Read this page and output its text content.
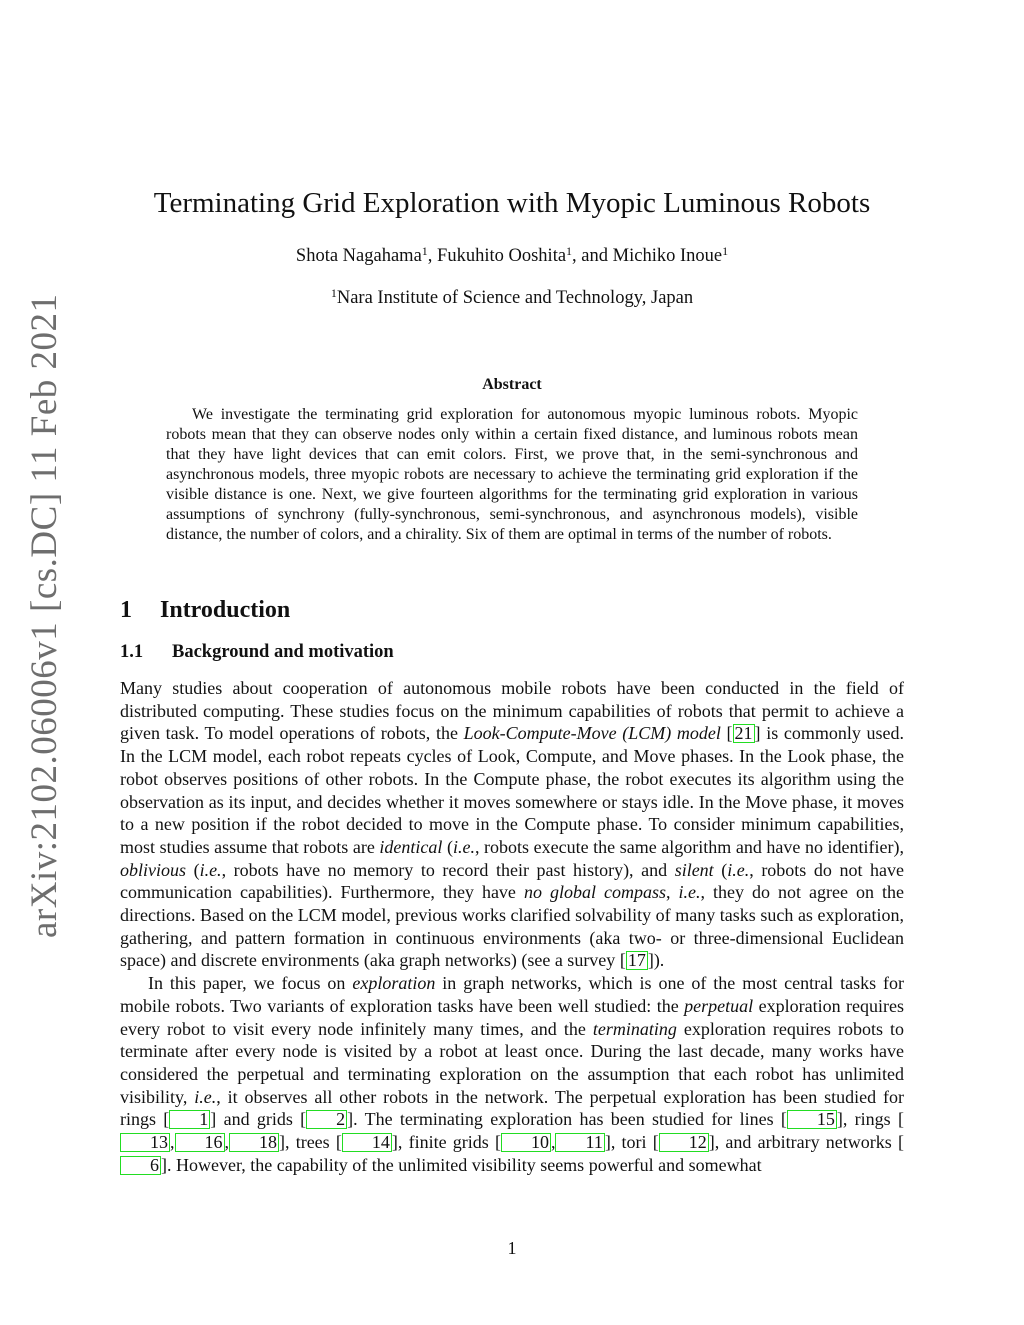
arXiv:2102.06006v1 [cs.DC] 11 Feb 2021
Terminating Grid Exploration with Myopic Luminous Robots
Shota Nagahama$^1$, Fukuhito Ooshita$^1$, and Michiko Inoue$^1$
$^1$Nara Institute of Science and Technology, Japan
Abstract

We investigate the terminating grid exploration for autonomous myopic luminous robots. Myopic robots mean that they can observe nodes only within a certain fixed distance, and luminous robots mean that they have light devices that can emit colors. First, we prove that, in the semi-synchronous and asynchronous models, three myopic robots are necessary to achieve the terminating grid exploration if the visible distance is one. Next, we give fourteen algorithms for the terminating grid exploration in various assumptions of synchrony (fully-synchronous, semi-synchronous, and asynchronous models), visible distance, the number of colors, and a chirality. Six of them are optimal in terms of the number of robots.

1 Introduction
1.1 Background and motivation

Many studies about cooperation of autonomous mobile robots have been conducted in the field of distributed computing. These studies focus on the minimum capabilities of robots that permit to achieve a given task. To model operations of robots, the Look-Compute-Move (LCM) model [ 21 ] is commonly used. In the LCM model, each robot repeats cycles of Look, Compute, and Move phases. In the Look phase, the robot observes positions of other robots. In the Compute phase, the robot executes its algorithm using the observation as its input, and decides whether it moves somewhere or stays idle. In the Move phase, it moves to a new position if the robot decided to move in the Compute phase. To consider minimum capabilities, most studies assume that robots are identical (i.e., robots execute the same algorithm and have no identifier), oblivious (i.e., robots have no memory to record their past history), and silent (i.e., robots do not have communication capabilities). Furthermore, they have no global compass, i.e., they do not agree on the directions. Based on the LCM model, previous works clarified solvability of many tasks such as exploration, gathering, and pattern formation in continuous environments (aka two- or three-dimensional Euclidean space) and discrete environments (aka graph networks) (see a survey [ 17 ]).

In this paper, we focus on exploration in graph networks, which is one of the most central tasks for mobile robots. Two variants of exploration tasks have been well studied: the perpetual exploration requires every robot to visit every node infinitely many times, and the terminating exploration requires robots to terminate after every node is visited by a robot at least once. During the last decade, many works have considered the perpetual and terminating exploration on the assumption that each robot has unlimited visibility, i.e., it observes all other robots in the network. The perpetual exploration has been studied for rings [ 1 ] and grids [ 2 ]. The terminating exploration has been studied for lines [ 15 ], rings [13 , 16 , 18 ], trees [ 14 ], finite grids [ 10 , 11 ], tori [ 12 ], and arbitrary networks [6 ]. However, the capability of the unlimited visibility seems powerful and somewhat

1
